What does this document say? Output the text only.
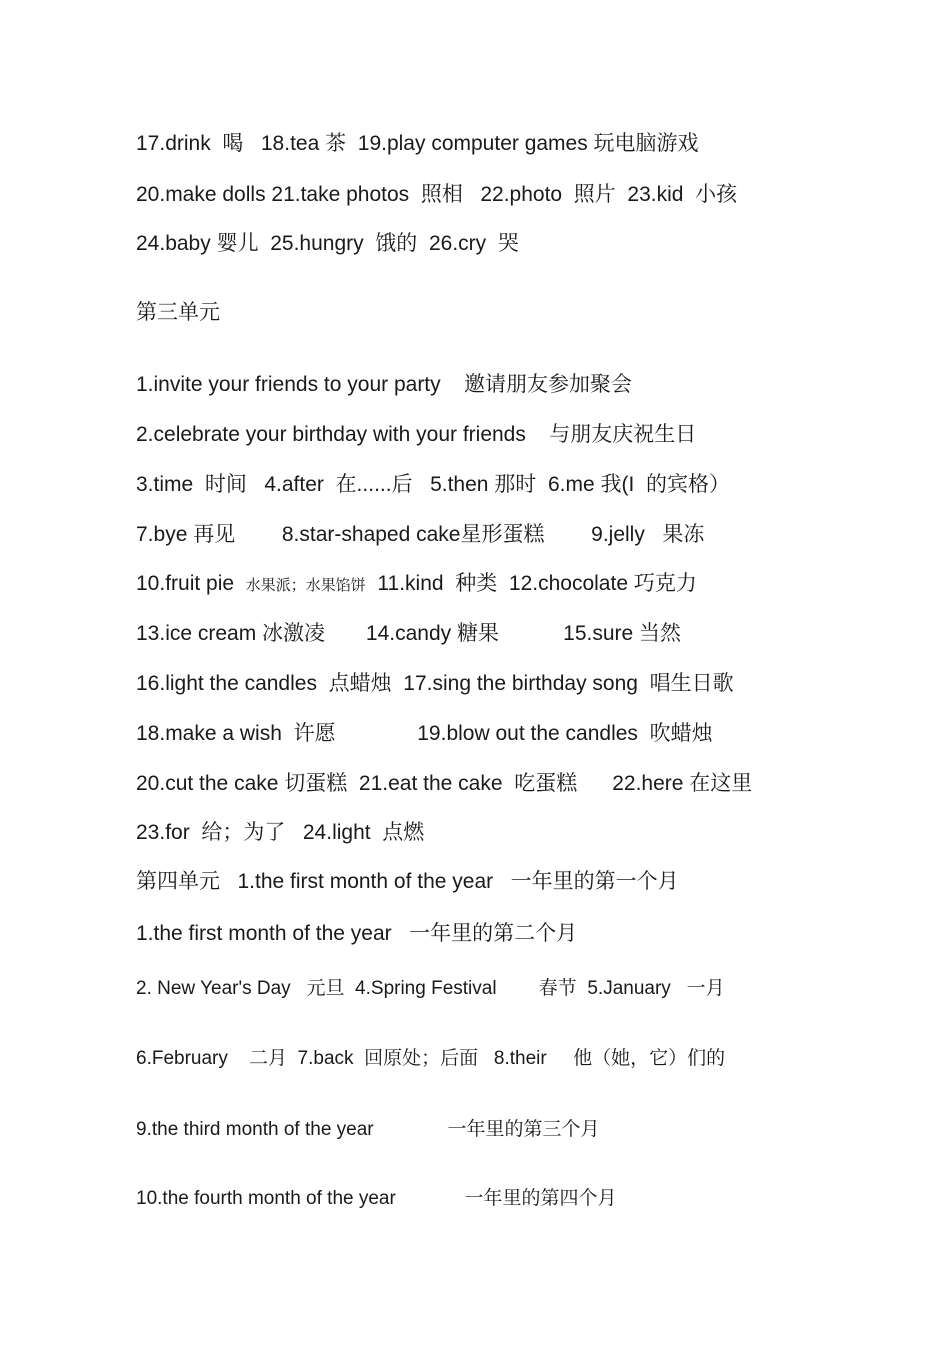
17.drink  喝   18.tea 茶  19.play computer games 玩电脑游戏
20.make dolls 21.take photos  照相   22.photo  照片  23.kid  小孩
24.baby 婴儿  25.hungry  饿的  26.cry  哭
第三单元
1.invite your friends to your party    邀请朋友参加聚会
2.celebrate your birthday with your friends    与朋友庆祝生日
3.time  时间   4.after  在......后   5.then 那时  6.me 我(I  的宾格）
7.bye 再见        8.star-shaped cake星形蛋糕        9.jelly   果冻
10.fruit pie  水果派；水果馅饼  11.kind  种类  12.chocolate 巧克力
13.ice cream 冰激凌       14.candy 糖果           15.sure 当然
16.light the candles  点蜡烛  17.sing the birthday song  唱生日歌
18.make a wish  许愿              19.blow out the candles  吹蜡烛
20.cut the cake 切蛋糕  21.eat the cake  吃蛋糕      22.here 在这里
23.for  给；为了   24.light  点燃
第四单元   1.the first month of the year   一年里的第一个月
1.the first month of the year   一年里的第二个月
2. New Year's Day   元旦  4.Spring Festival        春节  5.January   一月
6.February    二月  7.back  回原处；后面   8.their     他（她，它）们的
9.the third month of the year              一年里的第三个月
10.the fourth month of the year             一年里的第四个月
